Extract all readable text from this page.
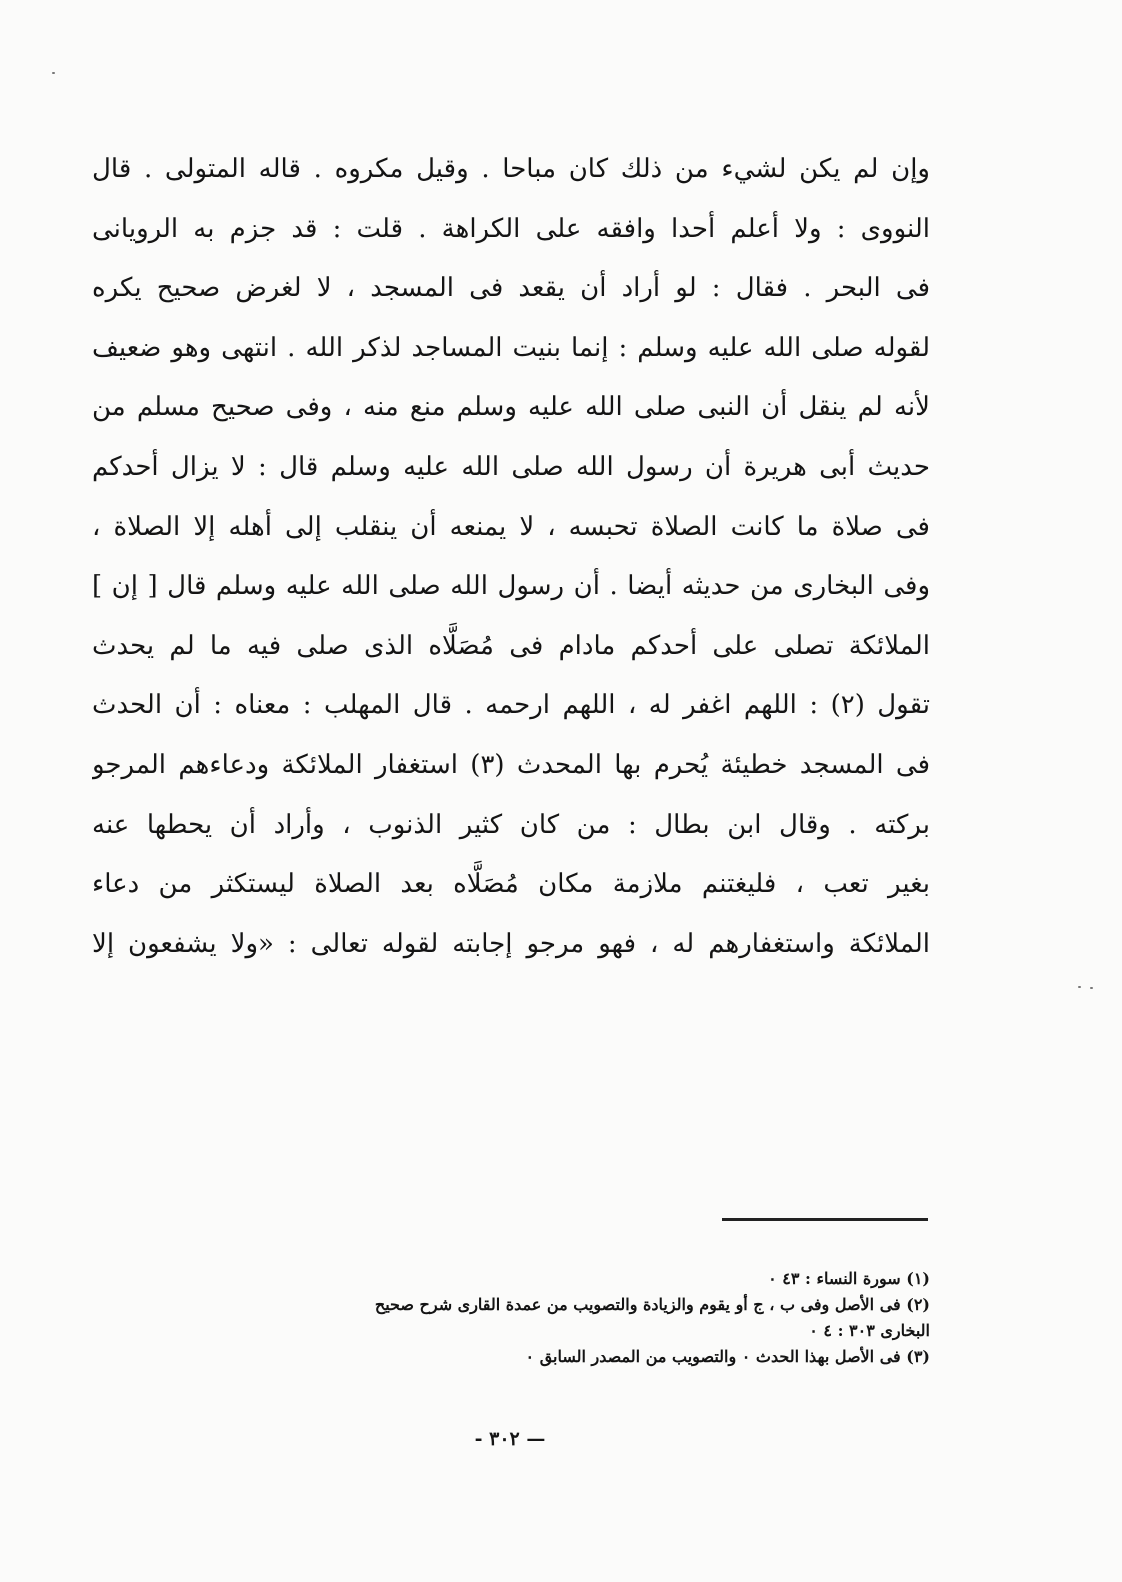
وإن لم يكن لشيء من ذلك كان مباحا . وقيل مكروه . قاله المتولى . قال
النووى : ولا أعلم أحدا وافقه على الكراهة . قلت : قد جزم به الرويانى
فى البحر . فقال : لو أراد أن يقعد فى المسجد ، لا لغرض صحيح يكره
لقوله صلى الله عليه وسلم : إنما بنيت المساجد لذكر الله . انتهى وهو ضعيف
لأنه لم ينقل أن النبى صلى الله عليه وسلم منع منه ، وفى صحيح مسلم من
حديث أبى هريرة أن رسول الله صلى الله عليه وسلم قال : لا يزال أحدكم
فى صلاة ما كانت الصلاة تحبسه ، لا يمنعه أن ينقلب إلى أهله إلا الصلاة ،
وفى البخارى من حديثه أيضا . أن رسول الله صلى الله عليه وسلم قال [ إن ]
الملائكة تصلى على أحدكم مادام فى مُصَلَّاه الذى صلى فيه ما لم يحدث
تقول (٢) : اللهم اغفر له ، اللهم ارحمه . قال المهلب : معناه : أن الحدث
فى المسجد خطيئة يُحرم بها المحدث (٣) استغفار الملائكة ودعاءهم المرجو
بركته . وقال ابن بطال : من كان كثير الذنوب ، وأراد أن يحطها عنه
بغير تعب ، فليغتنم ملازمة مكان مُصَلَّاه بعد الصلاة ليستكثر من دعاء
الملائكة واستغفارهم له ، فهو مرجو إجابته لقوله تعالى : «ولا يشفعون إلا
(١) سورة النساء : ٤٣ ٠
(٢) فى الأصل وفى ب ، ج أو يقوم والزيادة والتصويب من عمدة القارى شرح صحيح
البخارى ٣٠٣ : ٤ ٠
(٣) فى الأصل بهذا الحدث ٠ والتصويب من المصدر السابق ٠
— ٣٠٢ -
